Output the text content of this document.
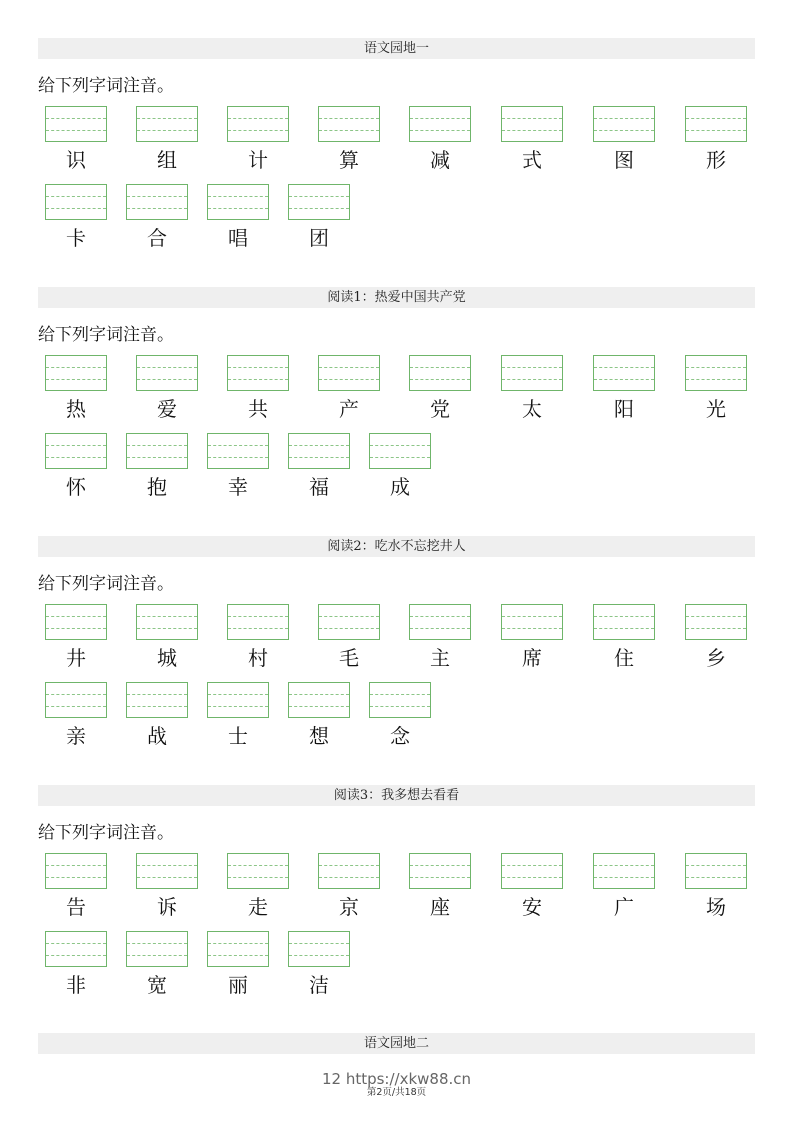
语文园地一
给下列字词注音。
识	组	计	算	减	式	图	形
卡	合	唱	团
阅读1：热爱中国共产党
给下列字词注音。
热	爱	共	产	党	太	阳	光
怀	抱	幸	福	成
阅读2：吃水不忘挖井人
给下列字词注音。
井	城	村	毛	主	席	住	乡
亲	战	士	想	念
阅读3：我多想去看看
给下列字词注音。
告	诉	走	京	座	安	广	场
非	宽	丽	洁
语文园地二
12 https://xkw88.cn
第2页/共18页
